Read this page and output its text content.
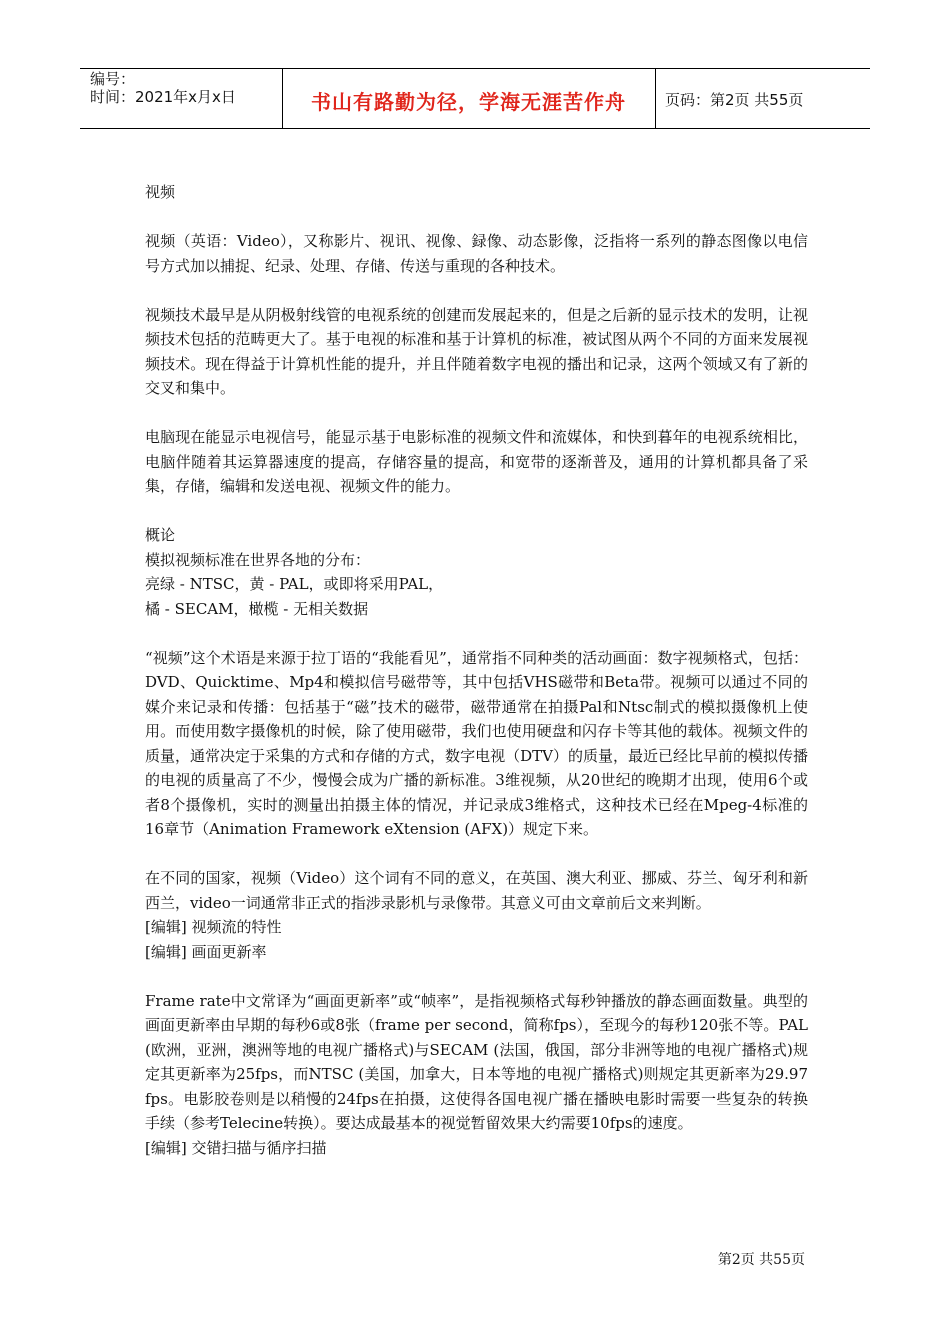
编号：
时间：2021年x月x日	书山有路勤为径，学海无涯苦作舟	页码：第2页 共55页

视频

视频（英语：Video），又称影片、视讯、视像、録像、动态影像，泛指将一系列的静态图像以电信号方式加以捕捉、纪录、处理、存储、传送与重现的各种技术。

视频技术最早是从阴极射线管的电视系统的创建而发展起来的，但是之后新的显示技术的发明，让视频技术包括的范畴更大了。基于电视的标准和基于计算机的标准，被试图从两个不同的方面来发展视频技术。现在得益于计算机性能的提升，并且伴随着数字电视的播出和记录，这两个领域又有了新的交叉和集中。

电脑现在能显示电视信号，能显示基于电影标准的视频文件和流媒体，和快到暮年的电视系统相比，电脑伴随着其运算器速度的提高，存储容量的提高，和宽带的逐渐普及，通用的计算机都具备了采集，存储，编辑和发送电视、视频文件的能力。

概论

模拟视频标准在世界各地的分布：

亮绿 - NTSC，黄 - PAL，或即将采用PAL，

橘 - SECAM，橄榄 - 无相关数据

“视频”这个术语是来源于拉丁语的“我能看见”，通常指不同种类的活动画面：数字视频格式，包括：DVD、Quicktime、Mp4和模拟信号磁带等，其中包括VHS磁带和Beta带。视频可以通过不同的媒介来记录和传播：包括基于“磁”技术的磁带，磁带通常在拍摄Pal和Ntsc制式的模拟摄像机上使用。而使用数字摄像机的时候，除了使用磁带，我们也使用硬盘和闪存卡等其他的载体。视频文件的质量，通常决定于采集的方式和存储的方式，数字电视（DTV）的质量，最近已经比早前的模拟传播的电视的质量高了不少，慢慢会成为广播的新标准。3维视频，从20世纪的晚期才出现，使用6个或者8个摄像机，实时的测量出拍摄主体的情况，并记录成3维格式，这种技术已经在Mpeg-4标准的16章节（Animation Framework eXtension (AFX)）规定下来。

在不同的国家，视频（Video）这个词有不同的意义，在英国、澳大利亚、挪威、芬兰、匈牙利和新西兰，video一词通常非正式的指涉录影机与录像带。其意义可由文章前后文来判断。

[编辑] 视频流的特性

[编辑] 画面更新率

Frame rate中文常译为“画面更新率”或“帧率”，是指视频格式每秒钟播放的静态画面数量。典型的画面更新率由早期的每秒6或8张（frame per second，简称fps），至现今的每秒120张不等。PAL (欧洲，亚洲，澳洲等地的电视广播格式)与SECAM (法国，俄国，部分非洲等地的电视广播格式)规定其更新率为25fps，而NTSC (美国，加拿大，日本等地的电视广播格式)则规定其更新率为29.97 fps。电影胶卷则是以稍慢的24fps在拍摄，这使得各国电视广播在播映电影时需要一些复杂的转换手续（参考Telecine转换）。要达成最基本的视觉暂留效果大约需要10fps的速度。

[编辑] 交错扫描与循序扫描

第2页 共55页
